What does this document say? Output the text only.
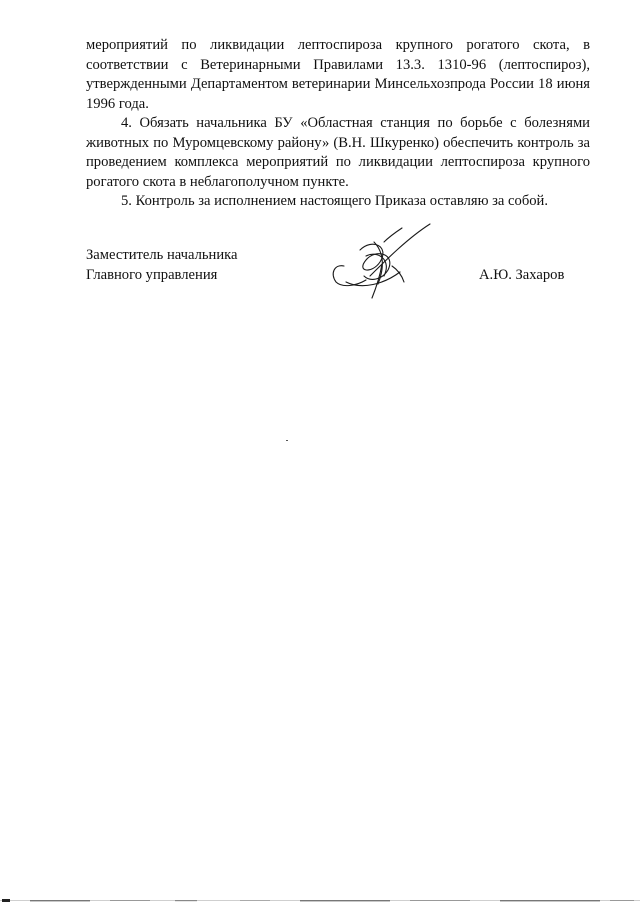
мероприятий по ликвидации лептоспироза крупного рогатого скота, в соответствии с Ветеринарными Правилами 13.3. 1310-96 (лептоспироз), утвержденными Департаментом ветеринарии Минсельхозпрода России 18 июня 1996 года.

4. Обязать начальника БУ «Областная станция по борьбе с болезнями животных по Муромцевскому району» (В.Н. Шкуренко) обеспечить контроль за проведением комплекса мероприятий по ликвидации лептоспироза крупного рогатого скота в неблагополучном пункте.

5. Контроль за исполнением настоящего Приказа оставляю за собой.

Заместитель начальника
Главного управления	А.Ю. Захаров
